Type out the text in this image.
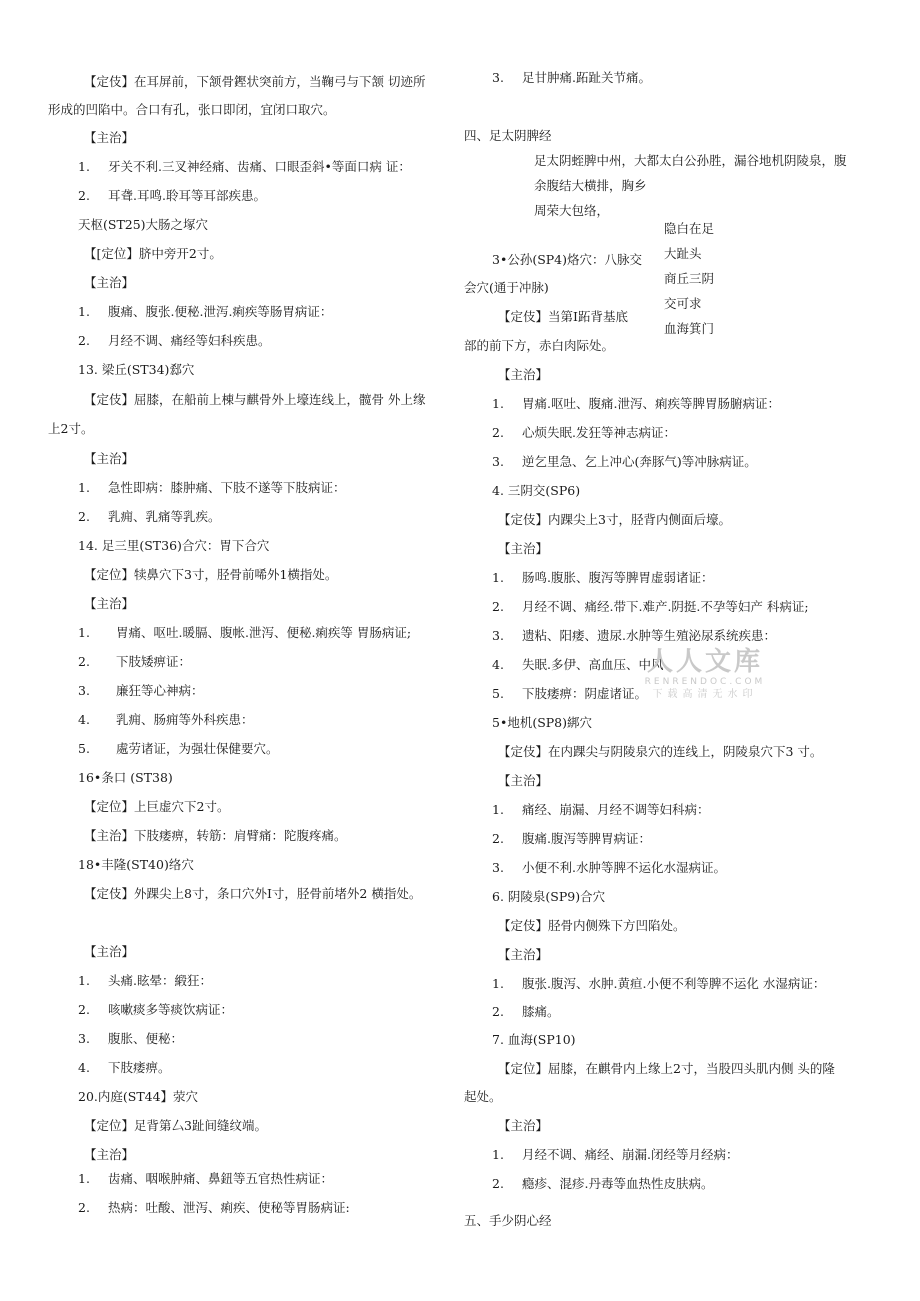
【定伎】在耳屏前，下颔骨鏗状突前方，当鞠弓与下颔 切迹所

形成的凹陷中。合口有孔，张口即闭，宜闭口取穴。

【主治】

1. 牙关不利.三叉神经痛、齿痛、口眼歪斜•等面口病 证：

2. 耳聋.耳鸣.聆耳等耳部疾患。

天枢(ST25)大肠之塚穴

【[定位】脐中旁开2寸。

【主治】

1. 腹痛、腹张.便秘.泄泻.痢疾等肠胃病证：

2. 月经不调、痛经等妇科疾患。

13. 梁丘(ST34)郄穴

【定伎】屈膝，在船前上棟与麒骨外上壕连线上，髋骨 外上缘

上2寸。

【主治】

1. 急性即病：膝肿痛、下肢不遂等下肢病证：

2. 乳痈、乳痛等乳疾。

14. 足三里(ST36)合穴：胃下合穴

【定位】犊鼻穴下3寸，胫骨前唏外1横指处。

【主治】

1. 胃痛、呕吐.暖膈、腹帐.泄泻、便秘.痢疾等 胃肠病证;

2. 下肢矮痹证：

3. 廉狂等心神病：

4. 乳痈、肠痈等外科疾患：

5. 處劳诸证，为强壮保健要穴。

16•条口 (ST38)

【定位】上巨虚穴下2寸。

【主治】下肢痿痹，转筋：肩臂痛：陀腹疼痛。

18•丰隆(ST40)络穴

【定伎】外踝尖上8寸，条口穴外I寸，胫骨前堵外2 横指处。

【主治】

1. 头痛.眩晕：緞狂：

2. 咳嗽痰多等痰饮病证：

3. 腹胀、便秘：

4. 下肢痿痹。

20.内庭(ST44】荥穴

【定位】足背第厶3趾间缝纹端。

【主治】

1. 齿痛、咽喉肿痛、鼻鈕等五官热性病证：

2. 热病：吐酸、泄泻、痢疾、使秘等胃肠病证:

3. 足甘肿痛.跖趾关节痛。

四、足太阴脾经

足太阴蛭脾中州，大都太白公孙胜，漏谷地机阴陵泉，腹

余腹结大横排，胸乡

周荣大包络，

隐白在足

大趾头

3•公孙(SP4)烙穴：八脉交

商丘三阴

会穴(通于冲脉)

交可求

【定伎】当第I跖背基底

血海箕门

部的前下方，赤白肉际处。

【主治】

1. 胃痛.呕吐、腹痛.泄泻、痢疾等脾胃肠腑病证：

2. 心烦失眠.发狂等神志病证：

3. 逆乞里急、乞上冲心(奔豚气)等冲脉病证。

4. 三阴交(SP6)

【定伎】内踝尖上3寸，胫背内侧面后壕。

【主治】

1. 肠鸣.腹胀、腹泻等脾胃虚弱诸证：

2. 月经不调、痛经.带下.难产.阴挺.不孕等妇产 科病证;

3. 遗粘、阳痿、遗尿.水肿等生殖泌尿系统疾患：

4. 失眠.多伊、高血压、中风

5. 下肢痿痹：阴虚诸证。

5•地机(SP8)綁穴

【定伎】在内踝尖与阴陵泉穴的连线上，阴陵泉穴下3 寸。

【主治】

1. 痛经、崩漏、月经不调等妇科病：

2. 腹痛.腹泻等脾胃病证：

3. 小便不利.水肿等脾不运化水湿病证。

6. 阴陵泉(SP9)合穴

【定伎】胫骨内侧殊下方凹陷处。

【主治】

1. 腹张.腹泻、水肿.黄疸.小便不利等脾不运化 水湿病证：

2. 膝痛。

7. 血海(SP10)

【定位】屈膝，在麒骨内上缘上2寸，当股四头肌内侧 头的隆

起处。

【主治】

1. 月经不调、痛经、崩漏.闭经等月经病：

2. 瘾疹、混疹.丹毒等血热性皮肤病。

五、手少阴心经

人人文库
RENRENDOC.COM
下载高清无水印
